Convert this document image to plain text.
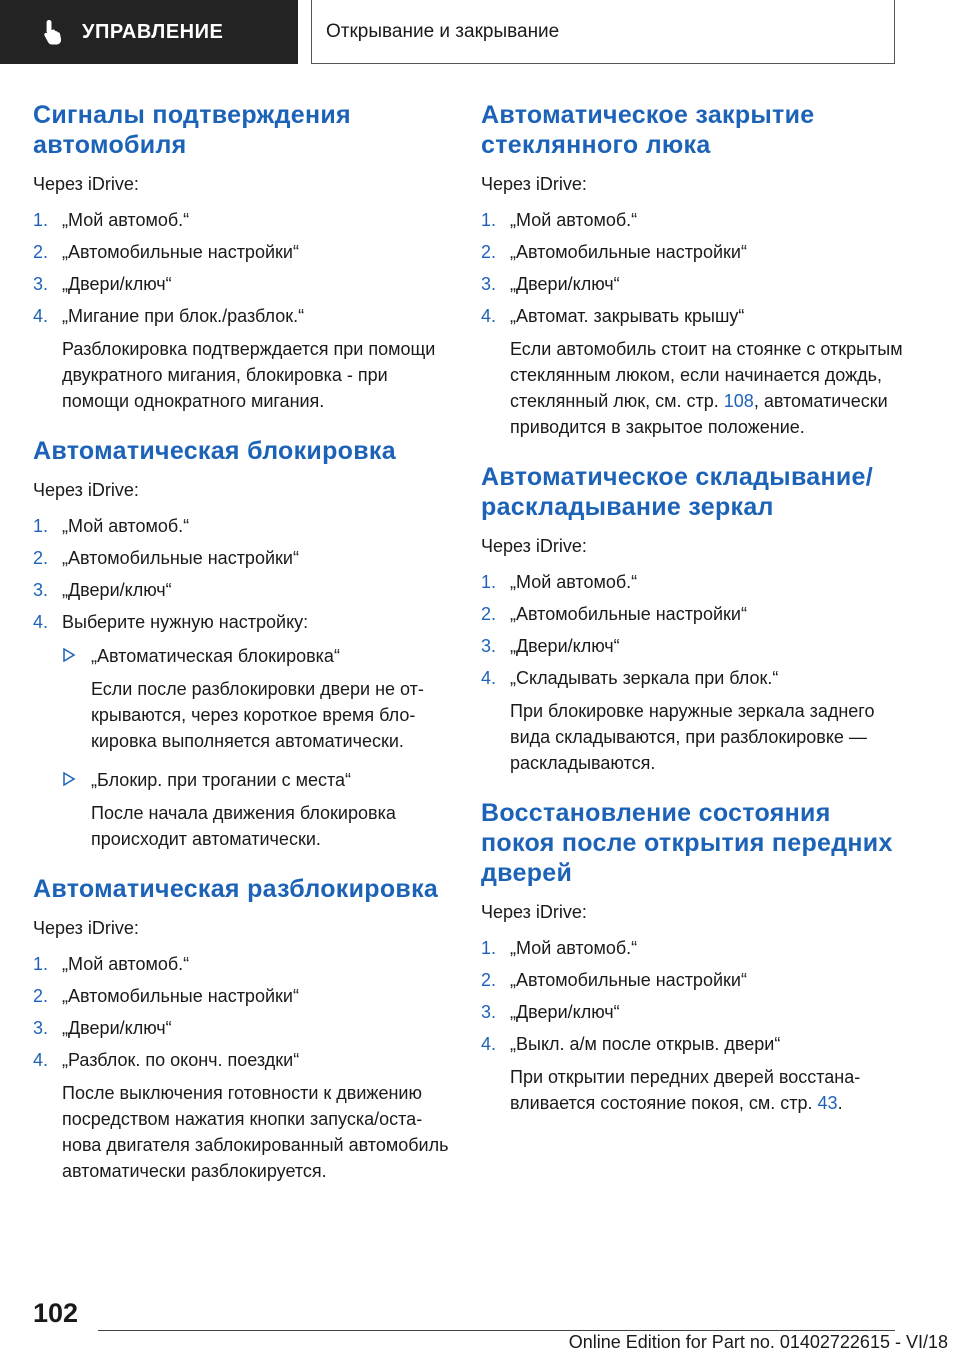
УПРАВЛЕНИЕ	Открывание и закрывание
Сигналы подтверждения автомобиля

Через iDrive:

1. „Мой автомоб.“
2. „Автомобильные настройки“
3. „Двери/ключ“
4. „Мигание при блок./разблок.“

Разблокировка подтверждается при помощи двукратного мигания, блокировка - при помощи однократного мигания.

Автоматическая блокировка

Через iDrive:

1. „Мой автомоб.“
2. „Автомобильные настройки“
3. „Двери/ключ“
4. Выберите нужную настройку:
„Автоматическая блокировка“

Если после разблокировки двери не открываются, через короткое время блокировка выполняется автоматически.

„Блокир. при трогании с места“

После начала движения блокировка происходит автоматически.

Автоматическая разблокировка

Через iDrive:

1. „Мой автомоб.“
2. „Автомобильные настройки“
3. „Двери/ключ“
4. „Разблок. по оконч. поездки“

После выключения готовности к движению посредством нажатия кнопки запуска/останова двигателя заблокированный автомобиль автоматически разблокируется.

Автоматическое закрытие стеклянного люка

Через iDrive:

1. „Мой автомоб.“
2. „Автомобильные настройки“
3. „Двери/ключ“
4. „Автомат. закрывать крышу“

Если автомобиль стоит на стоянке с открытым стеклянным люком, если начинается дождь, стеклянный люк, см. стр. 108, автоматически приводится в закрытое положение.

Автоматическое складывание/ раскладывание зеркал

Через iDrive:

1. „Мой автомоб.“
2. „Автомобильные настройки“
3. „Двери/ключ“
4. „Складывать зеркала при блок.“

При блокировке наружные зеркала заднего вида складываются, при разблокировке — раскладываются.

Восстановление состояния покоя после открытия передних дверей

Через iDrive:

1. „Мой автомоб.“
2. „Автомобильные настройки“
3. „Двери/ключ“
4. „Выкл. а/м после открыв. двери“

При открытии передних дверей восстанавливается состояние покоя, см. стр. 43.

102
Online Edition for Part no. 01402722615 - VI/18
